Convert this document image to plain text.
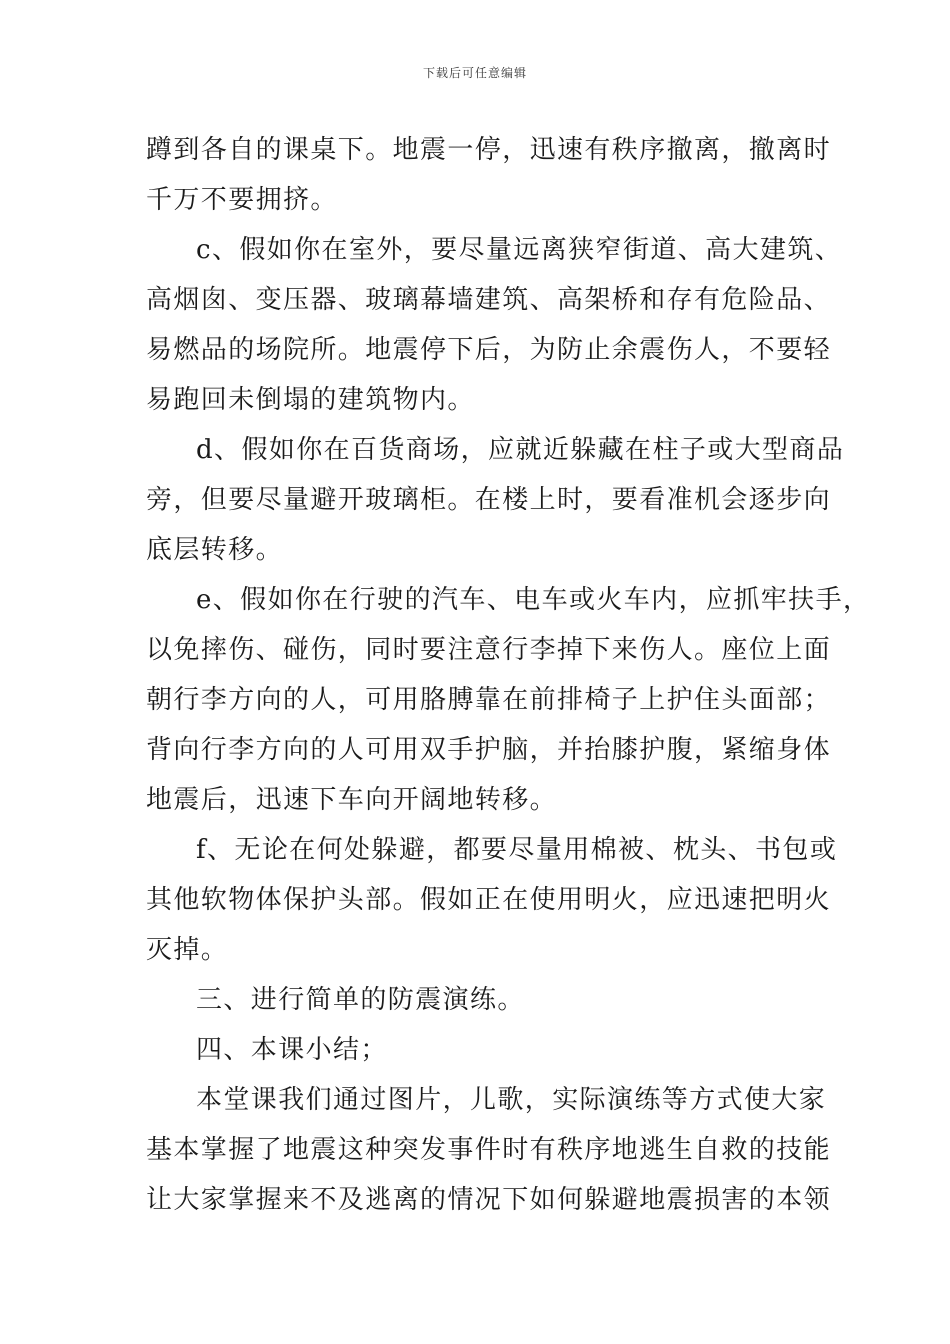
下载后可任意编辑
蹲到各自的课桌下。地震一停，迅速有秩序撤离，撤离时
千万不要拥挤。
c、假如你在室外，要尽量远离狭窄街道、高大建筑、
高烟囱、变压器、玻璃幕墙建筑、高架桥和存有危险品、
易燃品的场院所。地震停下后，为防止余震伤人，不要轻
易跑回未倒塌的建筑物内。
d、假如你在百货商场，应就近躲藏在柱子或大型商品
旁，但要尽量避开玻璃柜。在楼上时，要看准机会逐步向
底层转移。
e、假如你在行驶的汽车、电车或火车内，应抓牢扶手，
以免摔伤、碰伤，同时要注意行李掉下来伤人。座位上面
朝行李方向的人，可用胳膊靠在前排椅子上护住头面部；
背向行李方向的人可用双手护脑，并抬膝护腹，紧缩身体
地震后，迅速下车向开阔地转移。
f、无论在何处躲避，都要尽量用棉被、枕头、书包或
其他软物体保护头部。假如正在使用明火，应迅速把明火
灭掉。
三、进行简单的防震演练。
四、本课小结；
本堂课我们通过图片，儿歌，实际演练等方式使大家
基本掌握了地震这种突发事件时有秩序地逃生自救的技能
让大家掌握来不及逃离的情况下如何躲避地震损害的本领
